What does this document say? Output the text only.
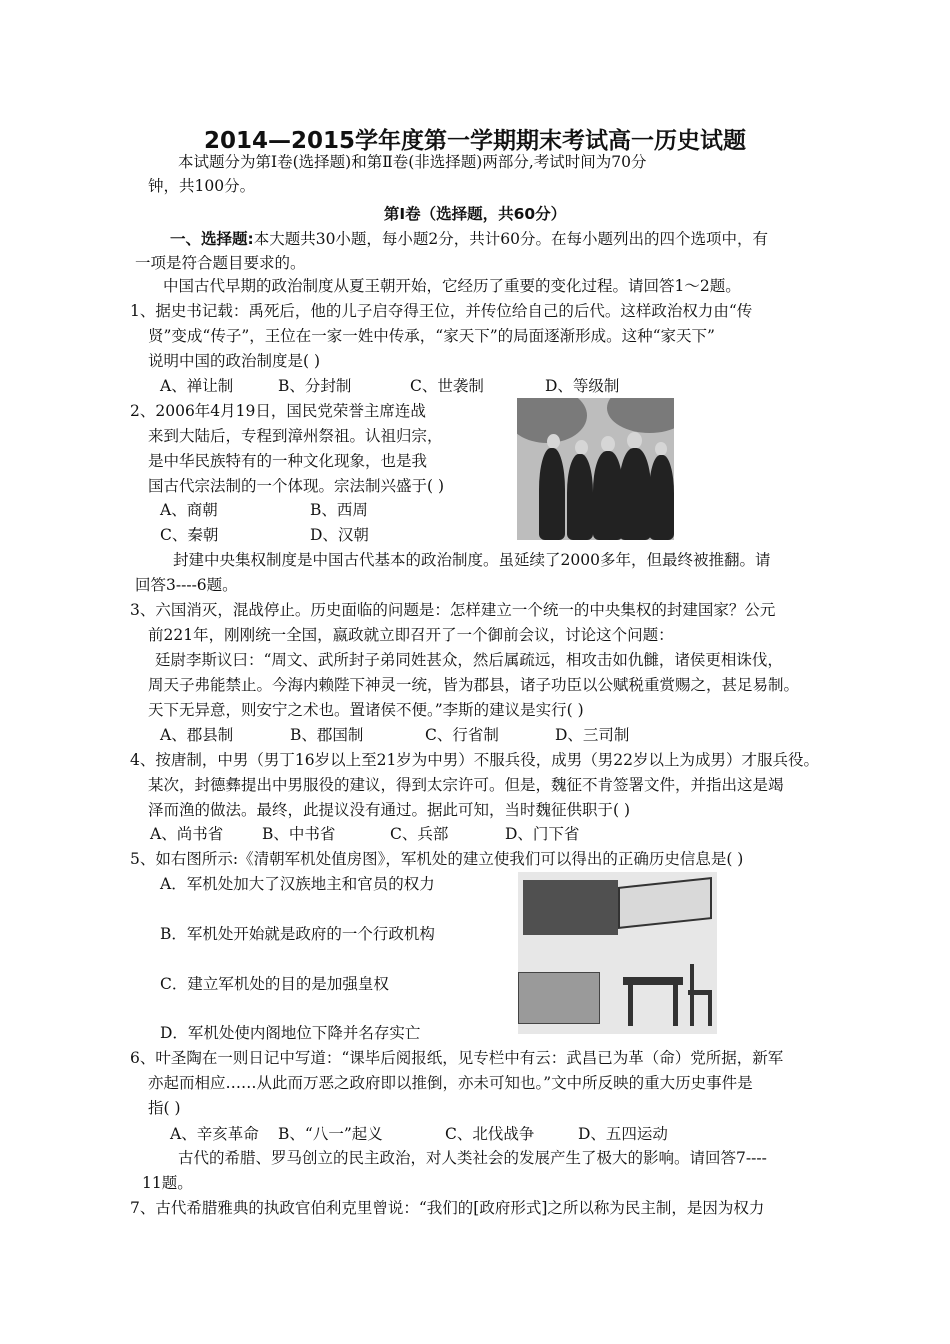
2014—2015学年度第一学期期末考试高一历史试题
本试题分为第Ⅰ卷(选择题)和第Ⅱ卷(非选择题)两部分,考试时间为70分
钟，共100分。
第Ⅰ卷（选择题，共60分）
一、选择题:本大题共30小题，每小题2分，共计60分。在每小题列出的四个选项中，有
一项是符合题目要求的。
中国古代早期的政治制度从夏王朝开始，它经历了重要的变化过程。请回答1～2题。
1、据史书记载：禹死后，他的儿子启夺得王位，并传位给自己的后代。这样政治权力由“传
贤”变成“传子”，王位在一家一姓中传承，“家天下”的局面逐渐形成。这种“家天下”
说明中国的政治制度是( )
A、禅让制	B、分封制	C、世袭制	D、等级制
2、2006年4月19日，国民党荣誉主席连战
来到大陆后，专程到漳州祭祖。认祖归宗，
是中华民族特有的一种文化现象，也是我
国古代宗法制的一个体现。宗法制兴盛于( )
A、商朝	B、西周
C、秦朝	D、汉朝
封建中央集权制度是中国古代基本的政治制度。虽延续了2000多年，但最终被推翻。请
回答3----6题。
3、六国消灭，混战停止。历史面临的问题是：怎样建立一个统一的中央集权的封建国家？公元
前221年，刚刚统一全国，嬴政就立即召开了一个御前会议，讨论这个问题：
廷尉李斯议曰：“周文、武所封子弟同姓甚众，然后属疏远，相攻击如仇雠，诸侯更相诛伐，
周天子弗能禁止。今海内赖陛下神灵一统，皆为郡县，诸子功臣以公赋税重赏赐之，甚足易制。
天下无异意，则安宁之术也。置诸侯不便。”李斯的建议是实行( )
A、郡县制	B、郡国制	C、行省制	D、三司制
4、按唐制，中男（男丁16岁以上至21岁为中男）不服兵役，成男（男22岁以上为成男）才服兵役。
某次，封德彝提出中男服役的建议，得到太宗许可。但是，魏征不肯签署文件，并指出这是竭
泽而渔的做法。最终，此提议没有通过。据此可知，当时魏征供职于( )
A、尚书省	B、中书省	C、兵部	D、门下省
5、如右图所示:《清朝军机处值房图》，军机处的建立使我们可以得出的正确历史信息是( )
A．军机处加大了汉族地主和官员的权力
B．军机处开始就是政府的一个行政机构
C．建立军机处的目的是加强皇权
D．军机处使内阁地位下降并名存实亡
6、叶圣陶在一则日记中写道：“课毕后阅报纸，见专栏中有云：武昌已为革（命）党所据，新军
亦起而相应……从此而万恶之政府即以推倒，亦未可知也。”文中所反映的重大历史事件是
指( )
A、辛亥革命 B、“八一”起义	C、北伐战争	D、五四运动
古代的希腊、罗马创立的民主政治，对人类社会的发展产生了极大的影响。请回答7----
11题。
7、古代希腊雅典的执政官伯利克里曾说：“我们的[政府形式]之所以称为民主制，是因为权力
